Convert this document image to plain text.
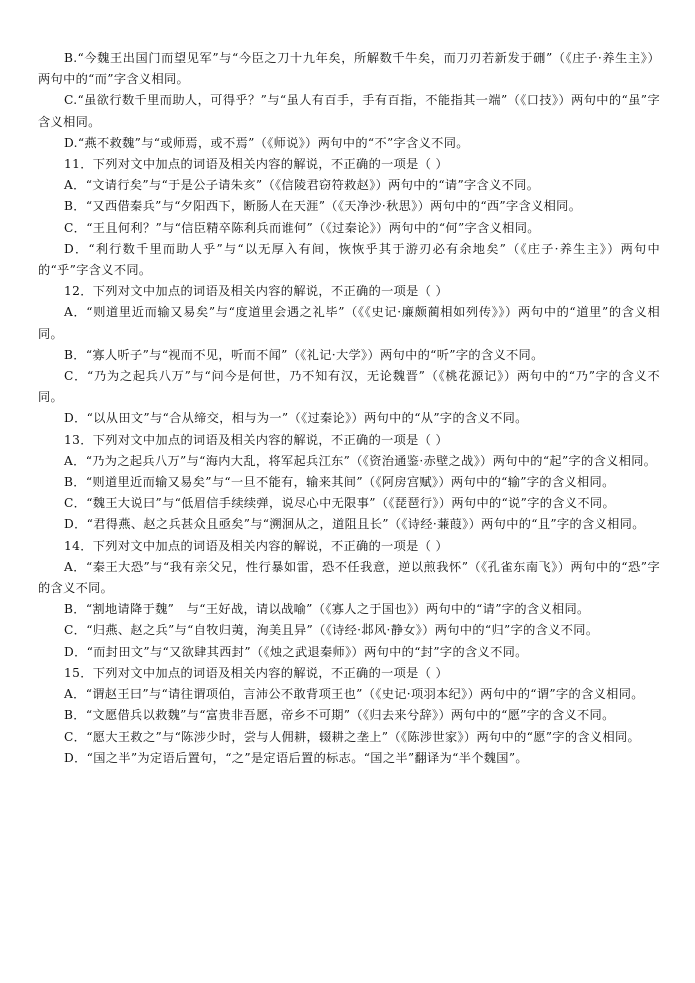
B.“今魏王出国门而望见军”与“今臣之刀十九年矣，所解数千牛矣，而刀刃若新发于硎”（《庄子·养生主》）两句中的“而”字含义相同。

C.“虽欲行数千里而助人，可得乎？”与“虽人有百手，手有百指，不能指其一端”（《口技》）两句中的“虽”字含义相同。

D.“燕不救魏”与“或师焉，或不焉”（《师说》）两句中的“不”字含义不同。

11．下列对文中加点的词语及相关内容的解说，不正确的一项是（ ）

A．“文请行矣”与“于是公子请朱亥”（《信陵君窃符救赵》）两句中的“请”字含义不同。

B．“又西借秦兵”与“夕阳西下，断肠人在天涯”（《天净沙·秋思》）两句中的“西”字含义相同。

C．“王且何利？”与“信臣精卒陈利兵而谁何”（《过秦论》）两句中的“何”字含义相同。

D．“利行数千里而助人乎”与“以无厚入有间，恢恢乎其于游刃必有余地矣”（《庄子·养生主》）两句中的“乎”字含义不同。

12．下列对文中加点的词语及相关内容的解说，不正确的一项是（ ）

A．“则道里近而输又易矣”与“度道里会遇之礼毕”（《《史记·廉颇蔺相如列传》》）两句中的“道里”的含义相同。

B．“寡人听子”与“视而不见，听而不闻”（《礼记·大学》）两句中的“听”字的含义不同。

C．“乃为之起兵八万”与“问今是何世，乃不知有汉，无论魏晋”（《桃花源记》）两句中的“乃”字的含义不同。

D．“以从田文”与“合从缔交，相与为一”（《过秦论》）两句中的“从”字的含义不同。

13．下列对文中加点的词语及相关内容的解说，不正确的一项是（ ）

A．“乃为之起兵八万”与“海内大乱，将军起兵江东”（《资治通鉴·赤壁之战》）两句中的“起”字的含义相同。

B．“则道里近而输又易矣”与“一旦不能有，输来其间”（《阿房宫赋》）两句中的“输”字的含义相同。

C．“魏王大说曰”与“低眉信手续续弹，说尽心中无限事”（《琵琶行》）两句中的“说”字的含义不同。

D．“君得燕、赵之兵甚众且亟矣”与“溯洄从之，道阻且长”（《诗经·蒹葭》）两句中的“且”字的含义相同。

14．下列对文中加点的词语及相关内容的解说，不正确的一项是（ ）

A．“秦王大恐”与“我有亲父兄，性行暴如雷，恐不任我意，逆以煎我怀”（《孔雀东南飞》）两句中的“恐”字的含义不同。

B．“割地请降于魏”　与“王好战，请以战喻”（《寡人之于国也》）两句中的“请”字的含义相同。

C．“归燕、赵之兵”与“自牧归荑，洵美且异”（《诗经·邶风·静女》）两句中的“归”字的含义不同。

D．“而封田文”与“又欲肆其西封”（《烛之武退秦师》）两句中的“封”字的含义不同。

15．下列对文中加点的词语及相关内容的解说，不正确的一项是（ ）

A．“谓赵王曰”与“请往谓项伯，言沛公不敢背项王也”（《史记·项羽本纪》）两句中的“谓”字的含义相同。

B．“文愿借兵以救魏”与“富贵非吾愿，帝乡不可期”（《归去来兮辞》）两句中的“愿”字的含义不同。

C．“愿大王救之”与“陈涉少时，尝与人佣耕，辍耕之垄上”（《陈涉世家》）两句中的“愿”字的含义相同。

D．“国之半”为定语后置句，“之”是定语后置的标志。“国之半”翻译为“半个魏国”。
